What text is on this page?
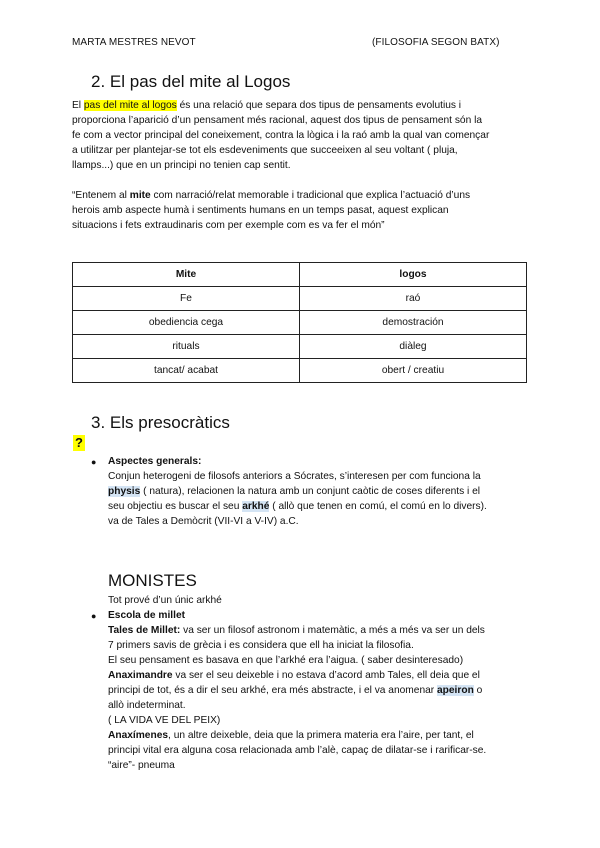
MARTA MESTRES NEVOT	(FILOSOFIA SEGON BATX)
2. El pas del mite al Logos
El pas del mite al logos és una relació que separa dos tipus de pensaments evolutius i
proporciona l’aparició d’un pensament més racional, aquest dos tipus de pensament són la
fe com a vector principal del coneixement, contra la lògica i la raó amb la qual van començar
a utilitzar per plantejar-se tot els esdeveniments que succeeixen al seu voltant ( pluja,
llamps...) que en un principi no tenien cap sentit.
“Entenem al mite com narració/relat memorable i tradicional que explica l’actuació d’uns
herois amb aspecte humà i sentiments humans en un temps pasat, aquest explican
situacions i fets extraudinaris com per exemple com es va fer el món”
Mite	logos
Fe	raó
obediencia cega	demostración
rituals	diàleg
tancat/ acabat	obert / creatiu
3. Els presocràtics
?
● Aspectes generals:
Conjun heterogeni de filosofs anteriors a Sócrates, s’interesen per com funciona la
physis ( natura), relacionen la natura amb un conjunt caòtic de coses diferents i el
seu objectiu es buscar el seu arkhé ( allò que tenen en comú, el comú en lo divers).
va de Tales a Demòcrit (VII-VI a V-IV) a.C.
MONISTES
Tot prové d’un únic arkhé
● Escola de millet
Tales de Millet: va ser un filosof astronom i matemàtic, a més a més va ser un dels
7 primers savis de grècia i es considera que ell ha iniciat la filosofia.
El seu pensament es basava en que l’arkhé era l’aigua. ( saber desinteresado)
Anaximandre va ser el seu deixeble i no estava d’acord amb Tales, ell deia que el
principi de tot, és a dir el seu arkhé, era més abstracte, i el va anomenar apeiron o
allò indeterminat.
( LA VIDA VE DEL PEIX)
Anaxímenes, un altre deixeble, deia que la primera materia era l’aire, per tant, el
principi vital era alguna cosa relacionada amb l’alè, capaç de dilatar-se i rarificar-se.
“aire”- pneuma
